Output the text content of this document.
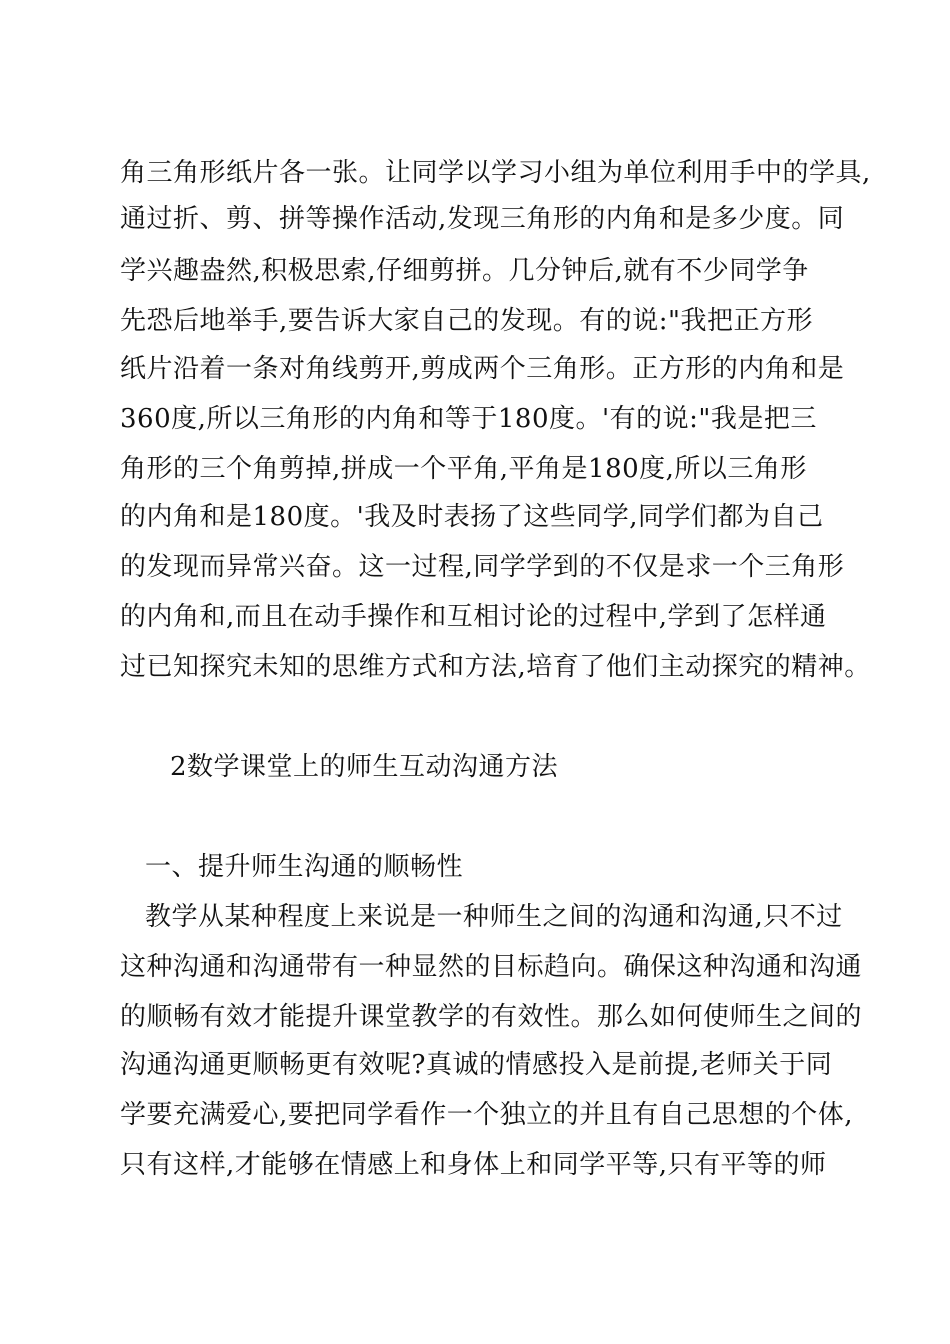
角三角形纸片各一张。让同学以学习小组为单位利用手中的学具,
通过折、剪、拼等操作活动,发现三角形的内角和是多少度。同
学兴趣盎然,积极思索,仔细剪拼。几分钟后,就有不少同学争
先恐后地举手,要告诉大家自己的发现。有的说:"我把正方形
纸片沿着一条对角线剪开,剪成两个三角形。正方形的内角和是
360度,所以三角形的内角和等于180度。'有的说:"我是把三
角形的三个角剪掉,拼成一个平角,平角是180度,所以三角形
的内角和是180度。'我及时表扬了这些同学,同学们都为自己
的发现而异常兴奋。这一过程,同学学到的不仅是求一个三角形
的内角和,而且在动手操作和互相讨论的过程中,学到了怎样通
过已知探究未知的思维方式和方法,培育了他们主动探究的精神。
2数学课堂上的师生互动沟通方法
一、提升师生沟通的顺畅性
教学从某种程度上来说是一种师生之间的沟通和沟通,只不过
这种沟通和沟通带有一种显然的目标趋向。确保这种沟通和沟通
的顺畅有效才能提升课堂教学的有效性。那么如何使师生之间的
沟通沟通更顺畅更有效呢?真诚的情感投入是前提,老师关于同
学要充满爱心,要把同学看作一个独立的并且有自己思想的个体,
只有这样,才能够在情感上和身体上和同学平等,只有平等的师
